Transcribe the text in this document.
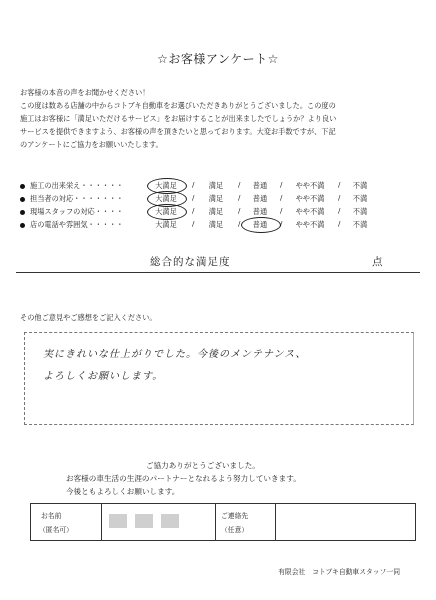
☆お客様アンケート☆
お客様の本音の声をお聞かせください！
この度は数ある店舗の中からコトブキ自動車をお選びいただきありがとうございました。この度の
施工はお客様に「満足いただけるサービス」をお届けすることが出来ましたでしょうか？より良い
サービスを提供できますよう、お客様の声を頂きたいと思っております。大変お手数ですが、下記
のアンケートにご協力をお願いいたします。
施工の出来栄え・・・・・・	大満足	/	満足	/	普通	/	やや不満	/	不満
担当者の対応・・・・・・・	大満足	/	満足	/	普通	/	やや不満	/	不満
現場スタッフの対応・・・・	大満足	/	満足	/	普通	/	やや不満	/	不満
店の電話や雰囲気・・・・・	大満足	/	満足	/	普通	/	やや不満	/	不満
総合的な満足度	点
その他ご意見やご感想をご記入ください。
実にきれいな仕上がりでした。今後のメンテナンス、
よろしくお願いします。
ご協力ありがとうございました。
お客様の車生活の生涯のパートナーとなれるよう努力していきます。
今後ともよろしくお願いします。
お名前
（匿名可）
ご連絡先
（任意）
有限会社　コトブキ自動車スタッフ一同
